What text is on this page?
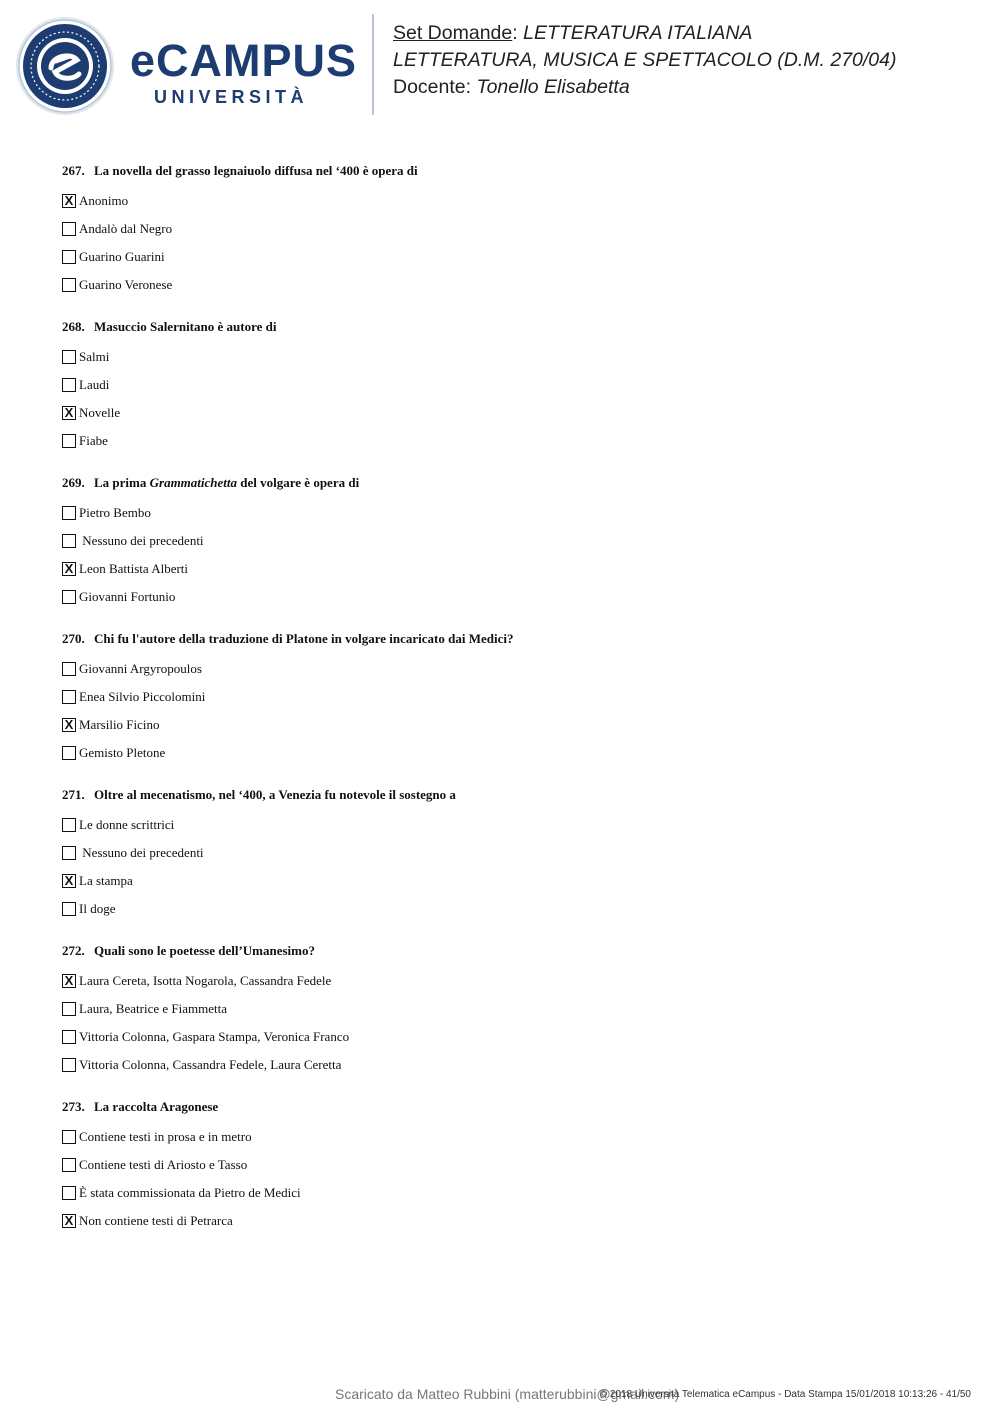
eCAMPUS
UNIVERSITÀ
Set Domande: LETTERATURA ITALIANA
LETTERATURA, MUSICA E SPETTACOLO (D.M. 270/04)
Docente: Tonello Elisabetta
267. La novella del grasso legnaiuolo diffusa nel ‘400 è opera di
X Anonimo
Andalò dal Negro
Guarino Guarini
Guarino Veronese
268. Masuccio Salernitano è autore di
Salmi
Laudi
X Novelle
Fiabe
269. La prima Grammatichetta del volgare è opera di
Pietro Bembo
Nessuno dei precedenti
X Leon Battista Alberti
Giovanni Fortunio
270. Chi fu l'autore della traduzione di Platone in volgare incaricato dai Medici?
Giovanni Argyropoulos
Enea Silvio Piccolomini
X Marsilio Ficino
Gemisto Pletone
271. Oltre al mecenatismo, nel ‘400, a Venezia fu notevole il sostegno a
Le donne scrittrici
Nessuno dei precedenti
X La stampa
Il doge
272. Quali sono le poetesse dell’Umanesimo?
X Laura Cereta, Isotta Nogarola, Cassandra Fedele
Laura, Beatrice e Fiammetta
Vittoria Colonna, Gaspara Stampa, Veronica Franco
Vittoria Colonna, Cassandra Fedele, Laura Ceretta
273. La raccolta Aragonese
Contiene testi in prosa e in metro
Contiene testi di Ariosto e Tasso
È stata commissionata da Pietro de Medici
X Non contiene testi di Petrarca
Scaricato da Matteo Rubbini (matterubbini@gmail.com)
© 2018 Università Telematica eCampus - Data Stampa 15/01/2018 10:13:26 - 41/50
